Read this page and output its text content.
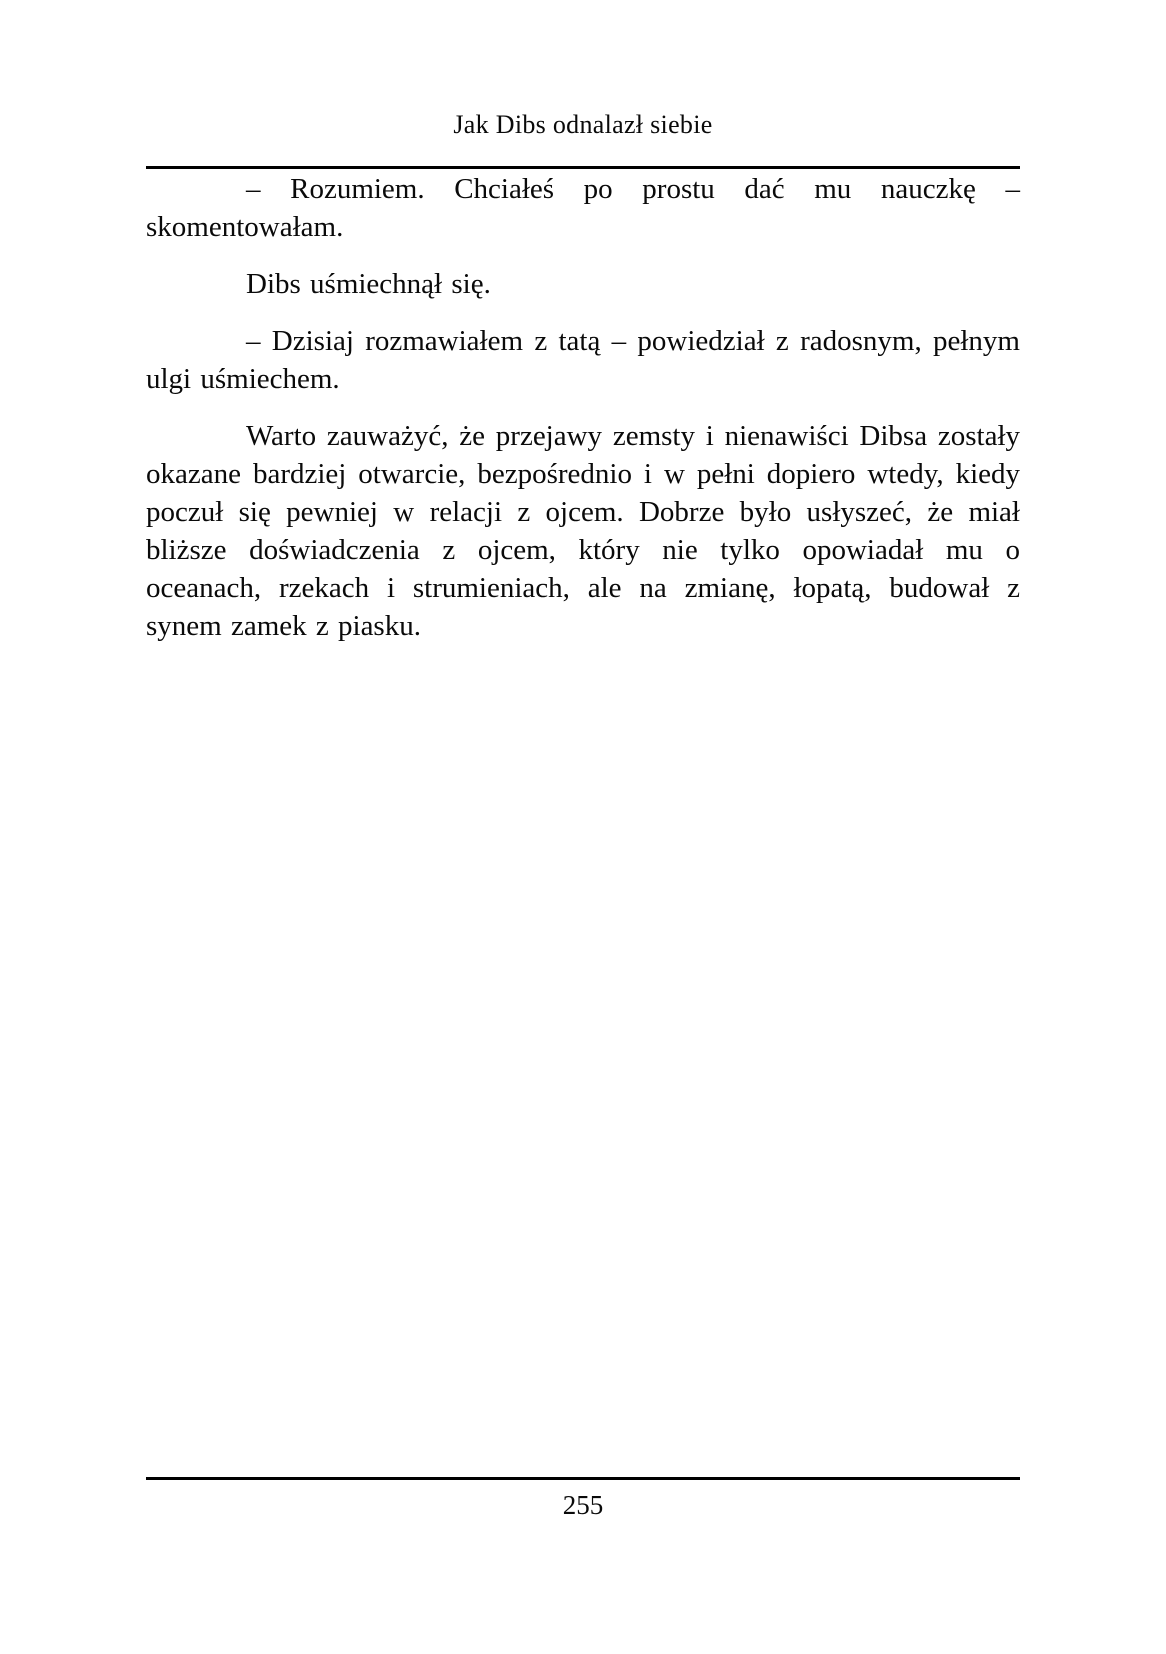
Jak Dibs odnalazł siebie

– Rozumiem. Chciałeś po prostu dać mu nauczkę – skomentowałam.

Dibs uśmiechnął się.

– Dzisiaj rozmawiałem z tatą – powiedział z radosnym, pełnym ulgi uśmiechem.

Warto zauważyć, że przejawy zemsty i nienawiści Dibsa zostały okazane bardziej otwarcie, bezpośrednio i w pełni dopiero wtedy, kiedy poczuł się pewniej w relacji z ojcem. Dobrze było usłyszeć, że miał bliższe doświadczenia z ojcem, który nie tylko opowiadał mu o oceanach, rzekach i strumieniach, ale na zmianę, łopatą, budował z synem zamek z piasku.

255
